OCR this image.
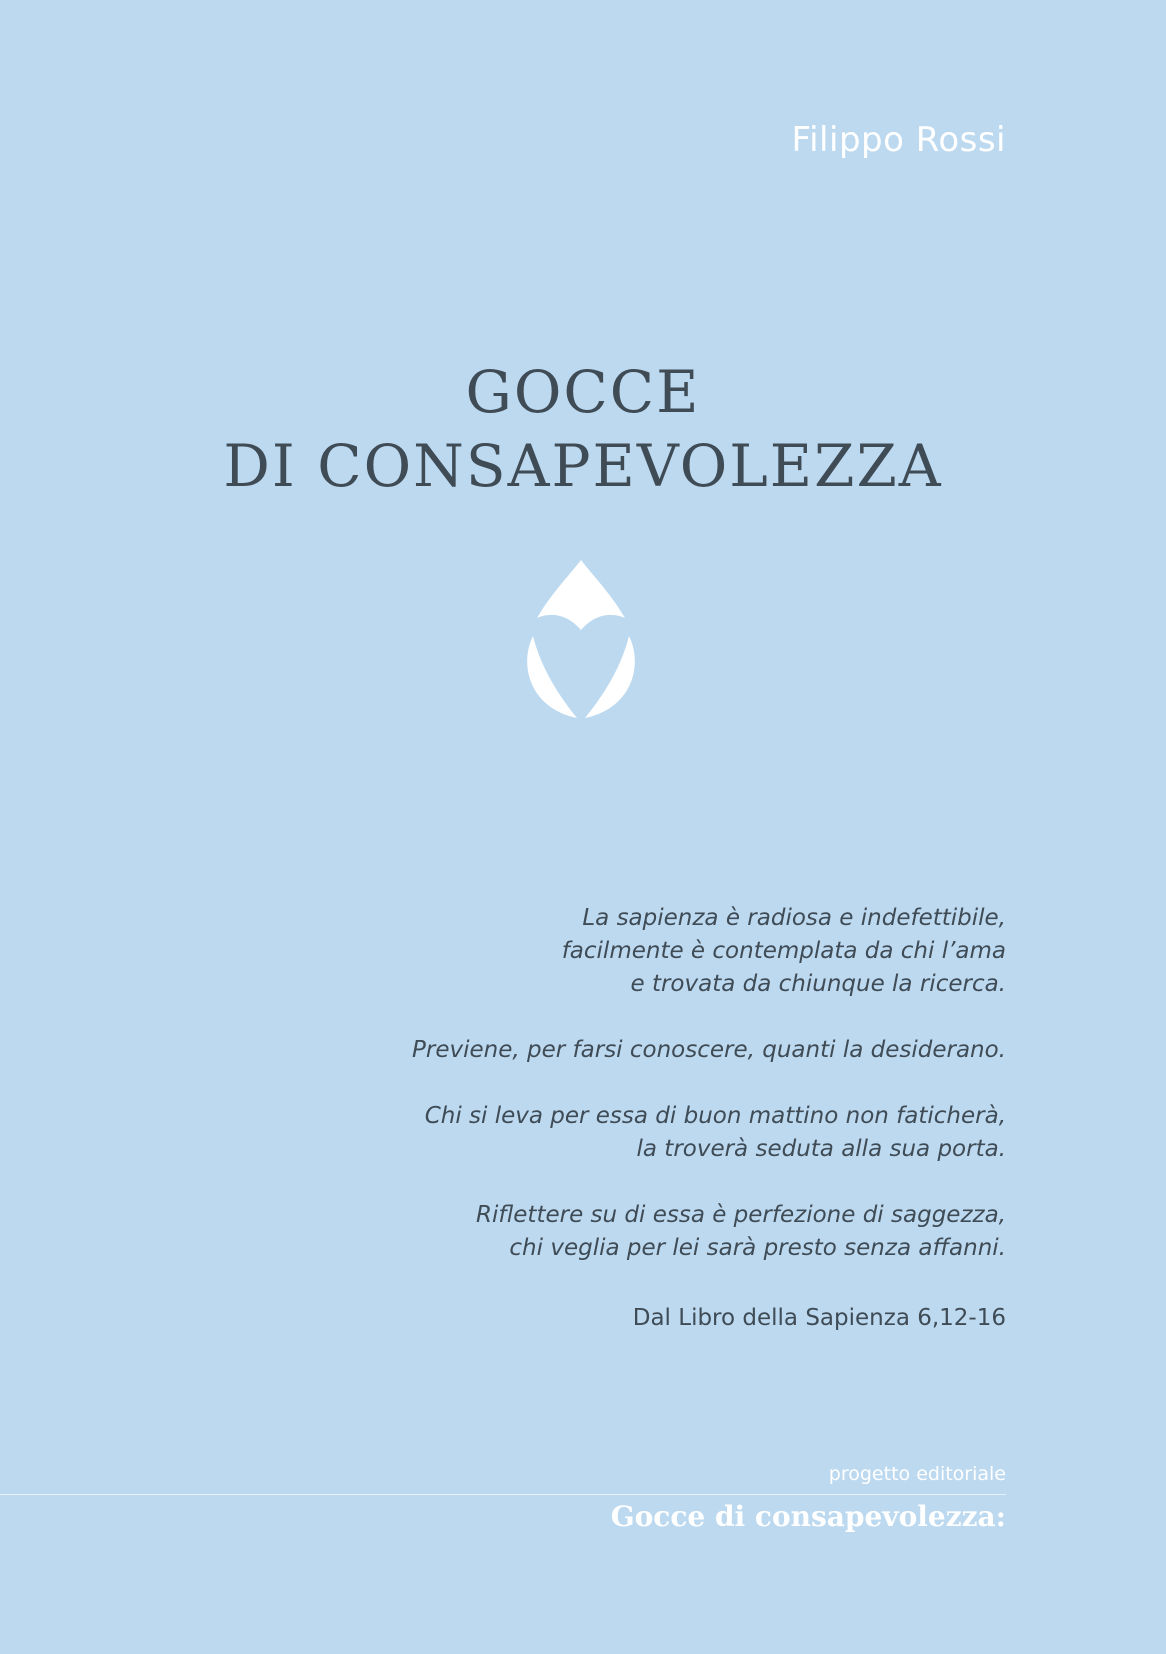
Filippo Rossi
GOCCE
DI CONSAPEVOLEZZA
La sapienza è radiosa e indefettibile,
facilmente è contemplata da chi l’ama
e trovata da chiunque la ricerca.
Previene, per farsi conoscere, quanti la desiderano.
Chi si leva per essa di buon mattino non faticherà,
la troverà seduta alla sua porta.
Riflettere su di essa è perfezione di saggezza,
chi veglia per lei sarà presto senza affanni.
Dal Libro della Sapienza 6,12-16
progetto editoriale
Gocce di consapevolezza:
